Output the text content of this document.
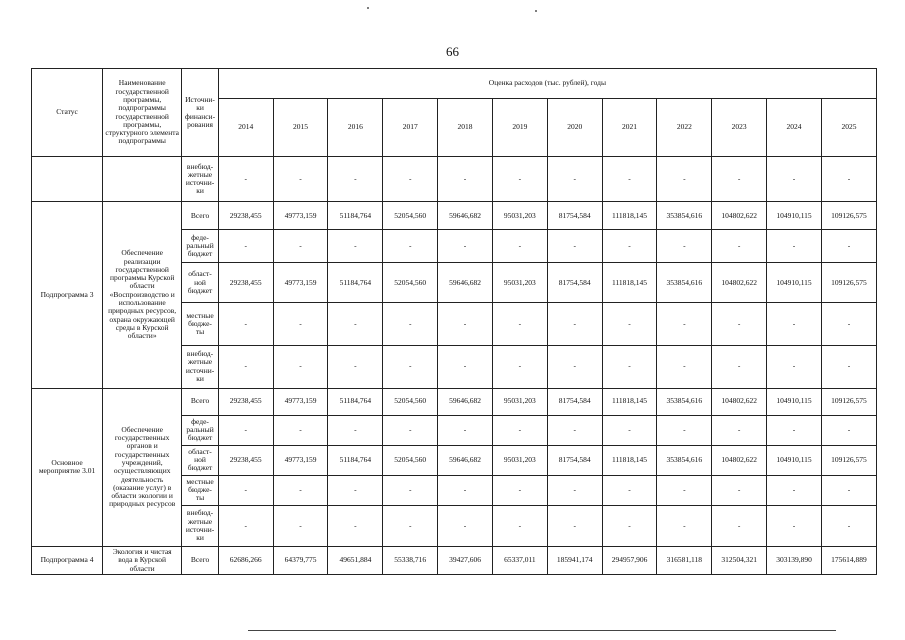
66
Статус	Наименование государственной программы, подпрограммы государственной программы, структурного элемента подпрограммы	Источни-ки финанси-рования	Оценка расходов (тыс. рублей), годы											
			2014	2015	2016	2017	2018	2019	2020	2021	2022	2023	2024	2025
		внебюд-жетные источни-ки	-	-	-	-	-	-	-	-	-	-	-	-
Подпрограмма 3	Обеспечение реализации государственной программы Курской области «Воспроизводство и использование природных ресурсов, охрана окружающей среды в Курской области»	Всего	29238,455	49773,159	51184,764	52054,560	59646,682	95031,203	81754,584	111818,145	353854,616	104802,622	104910,115	109126,575
		феде-ральный бюджет	-	-	-	-	-	-	-	-	-	-	-	-
		област-ной бюджет	29238,455	49773,159	51184,764	52054,560	59646,682	95031,203	81754,584	111818,145	353854,616	104802,622	104910,115	109126,575
		местные бюдже-ты	-	-	-	-	-	-	-	-	-	-	-	-
		внебюд-жетные источни-ки	-	-	-	-	-	-	-	-	-	-	-	-
Основное мероприятие 3.01	Обеспечение государственных органов и государственных учреждений, осуществляющих деятельность (оказание услуг) в области экологии и природных ресурсов	Всего	29238,455	49773,159	51184,764	52054,560	59646,682	95031,203	81754,584	111818,145	353854,616	104802,622	104910,115	109126,575
		феде-ральный бюджет	-	-	-	-	-	-	-	-	-	-	-	-
		област-ной бюджет	29238,455	49773,159	51184,764	52054,560	59646,682	95031,203	81754,584	111818,145	353854,616	104802,622	104910,115	109126,575
		местные бюдже-ты	-	-	-	-	-	-	-	-	-	-	-	-
		внебюд-жетные источни-ки	-	-	-	-	-	-	-	-	-	-	-	-
Подпрограмма 4	Экология и чистая вода в Курской области	Всего	62686,266	64379,775	49651,884	55338,716	39427,606	65337,011	185941,174	294957,906	316581,118	312504,321	303139,890	175614,889
